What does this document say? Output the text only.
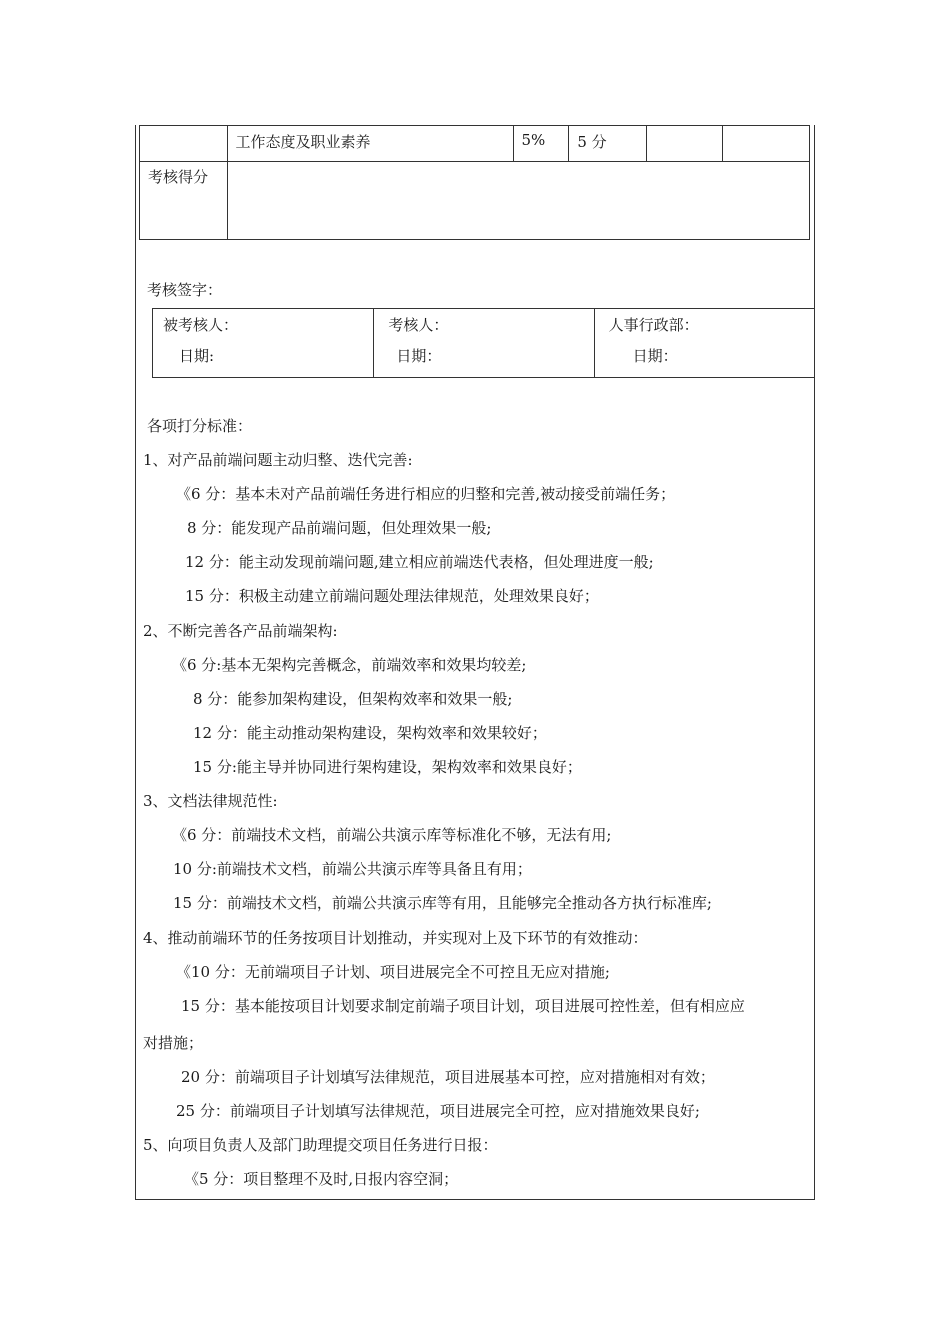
	工作态度及职业素养	5%	5 分		
考核得分					
考核签字：
被考核人：
日期:

考核人：
日期：

人事行政部：
日期：
各项打分标准：
1、对产品前端问题主动归整、迭代完善:
《6 分：基本未对产品前端任务进行相应的归整和完善,被动接受前端任务；
8 分：能发现产品前端问题，但处理效果一般;
12 分：能主动发现前端问题,建立相应前端迭代表格，但处理进度一般;
15 分：积极主动建立前端问题处理法律规范，处理效果良好；
2、不断完善各产品前端架构:
《6 分:基本无架构完善概念，前端效率和效果均较差;
8 分：能参加架构建设，但架构效率和效果一般;
12 分：能主动推动架构建设，架构效率和效果较好；
15 分:能主导并协同进行架构建设，架构效率和效果良好；
3、文档法律规范性:
《6 分：前端技术文档，前端公共演示库等标准化不够，无法有用;
10 分:前端技术文档，前端公共演示库等具备且有用；
15 分：前端技术文档，前端公共演示库等有用，且能够完全推动各方执行标准库;
4、推动前端环节的任务按项目计划推动，并实现对上及下环节的有效推动：
《10 分：无前端项目子计划、项目进展完全不可控且无应对措施;
15 分：基本能按项目计划要求制定前端子项目计划，项目进展可控性差，但有相应应
对措施；
20 分：前端项目子计划填写法律规范，项目进展基本可控，应对措施相对有效；
25 分：前端项目子计划填写法律规范，项目进展完全可控，应对措施效果良好;
5、向项目负责人及部门助理提交项目任务进行日报：
《5 分：项目整理不及时,日报内容空洞；
